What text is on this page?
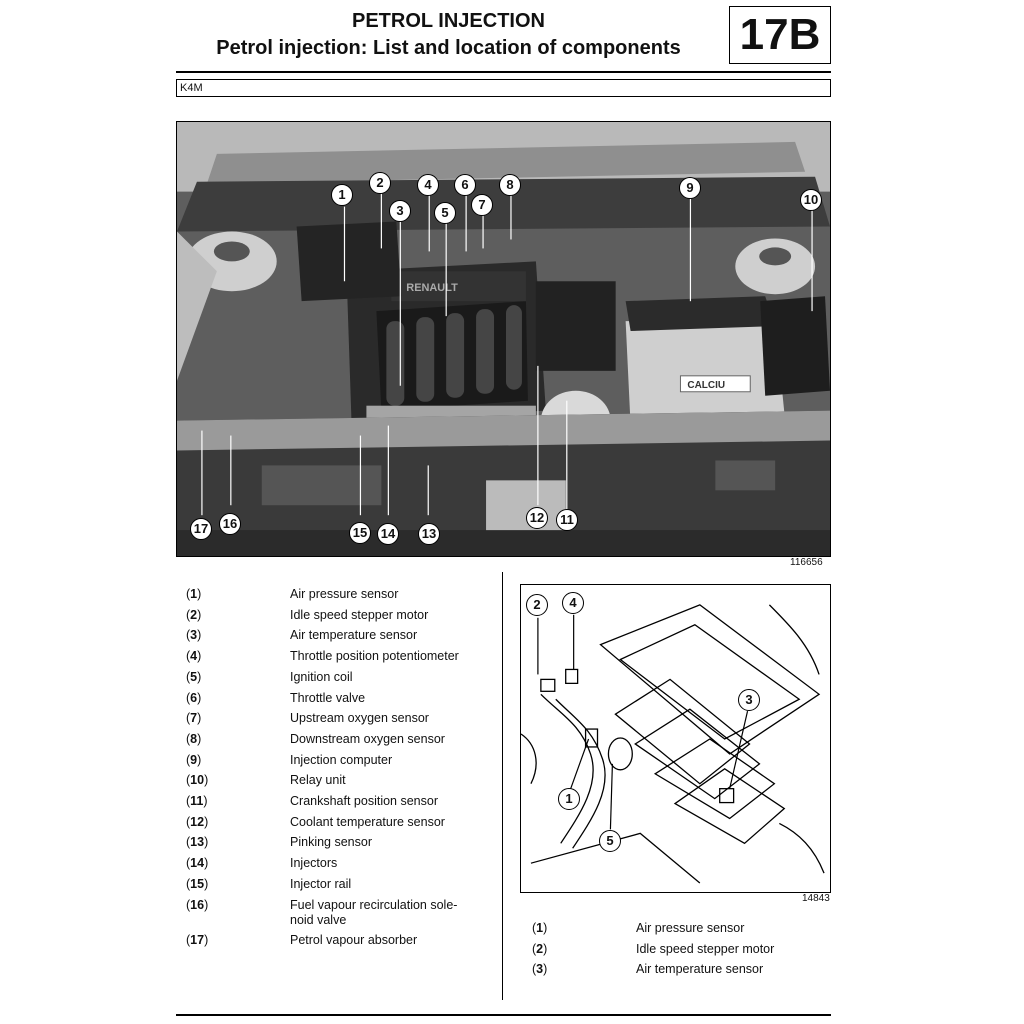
PETROL INJECTION
Petrol injection: List and location of components	17B
K4M
RENAULT
CALCIU
1
2
3
4
5
6
7
8	9
10
11
12
13
14
15
16
17
116656
(1)	Air pressure sensor
(2)	Idle speed stepper motor
(3)	Air temperature sensor
(4)	Throttle position potentiometer
(5)	Ignition coil
(6)	Throttle valve
(7)	Upstream oxygen sensor
(8)	Downstream oxygen sensor
(9)	Injection computer
(10)	Relay unit
(11)	Crankshaft position sensor
(12)	Coolant temperature sensor
(13)	Pinking sensor
(14)	Injectors
(15)	Injector rail
(16)	Fuel vapour recirculation sole-
noid valve
(17)	Petrol vapour absorber
2	4
3
1
5
14843
(1)	Air pressure sensor
(2)	Idle speed stepper motor
(3)	Air temperature sensor
